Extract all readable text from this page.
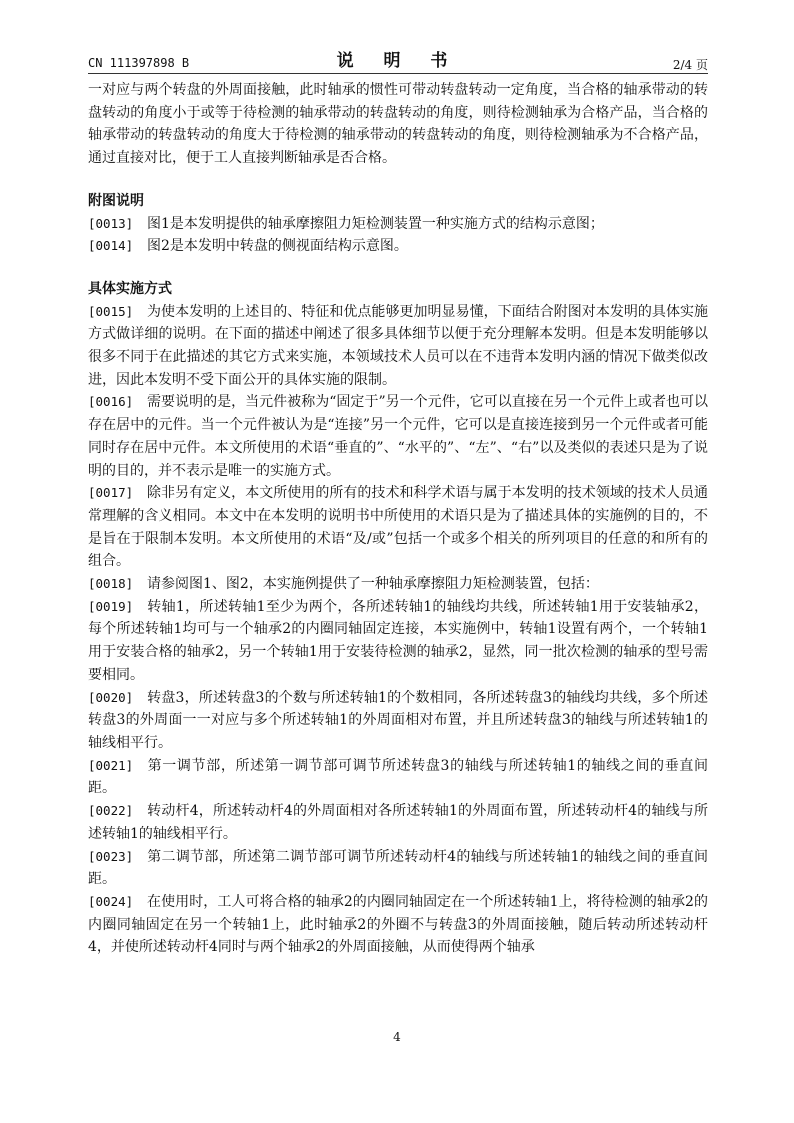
CN 111397898 B	说 明 书	2/4 页

一对应与两个转盘的外周面接触，此时轴承的惯性可带动转盘转动一定角度，当合格的轴承带动的转盘转动的角度小于或等于待检测的轴承带动的转盘转动的角度，则待检测轴承为合格产品，当合格的轴承带动的转盘转动的角度大于待检测的轴承带动的转盘转动的角度，则待检测轴承为不合格产品，通过直接对比，便于工人直接判断轴承是否合格。

附图说明

[0013] 图1是本发明提供的轴承摩擦阻力矩检测装置一种实施方式的结构示意图；

[0014] 图2是本发明中转盘的侧视面结构示意图。

具体实施方式

[0015] 为使本发明的上述目的、特征和优点能够更加明显易懂，下面结合附图对本发明的具体实施方式做详细的说明。在下面的描述中阐述了很多具体细节以便于充分理解本发明。但是本发明能够以很多不同于在此描述的其它方式来实施，本领域技术人员可以在不违背本发明内涵的情况下做类似改进，因此本发明不受下面公开的具体实施的限制。

[0016] 需要说明的是，当元件被称为“固定于”另一个元件，它可以直接在另一个元件上或者也可以存在居中的元件。当一个元件被认为是“连接”另一个元件，它可以是直接连接到另一个元件或者可能同时存在居中元件。本文所使用的术语“垂直的”、“水平的”、“左”、“右”以及类似的表述只是为了说明的目的，并不表示是唯一的实施方式。

[0017] 除非另有定义，本文所使用的所有的技术和科学术语与属于本发明的技术领域的技术人员通常理解的含义相同。本文中在本发明的说明书中所使用的术语只是为了描述具体的实施例的目的，不是旨在于限制本发明。本文所使用的术语“及/或”包括一个或多个相关的所列项目的任意的和所有的组合。

[0018] 请参阅图1、图2，本实施例提供了一种轴承摩擦阻力矩检测装置，包括：

[0019] 转轴1，所述转轴1至少为两个，各所述转轴1的轴线均共线，所述转轴1用于安装轴承2，每个所述转轴1均可与一个轴承2的内圈同轴固定连接，本实施例中，转轴1设置有两个，一个转轴1用于安装合格的轴承2，另一个转轴1用于安装待检测的轴承2，显然，同一批次检测的轴承的型号需要相同。

[0020] 转盘3，所述转盘3的个数与所述转轴1的个数相同，各所述转盘3的轴线均共线，多个所述转盘3的外周面一一对应与多个所述转轴1的外周面相对布置，并且所述转盘3的轴线与所述转轴1的轴线相平行。

[0021] 第一调节部，所述第一调节部可调节所述转盘3的轴线与所述转轴1的轴线之间的垂直间距。

[0022] 转动杆4，所述转动杆4的外周面相对各所述转轴1的外周面布置，所述转动杆4的轴线与所述转轴1的轴线相平行。

[0023] 第二调节部，所述第二调节部可调节所述转动杆4的轴线与所述转轴1的轴线之间的垂直间距。

[0024] 在使用时，工人可将合格的轴承2的内圈同轴固定在一个所述转轴1上，将待检测的轴承2的内圈同轴固定在另一个转轴1上，此时轴承2的外圈不与转盘3的外周面接触，随后转动所述转动杆4，并使所述转动杆4同时与两个轴承2的外周面接触，从而使得两个轴承

4
